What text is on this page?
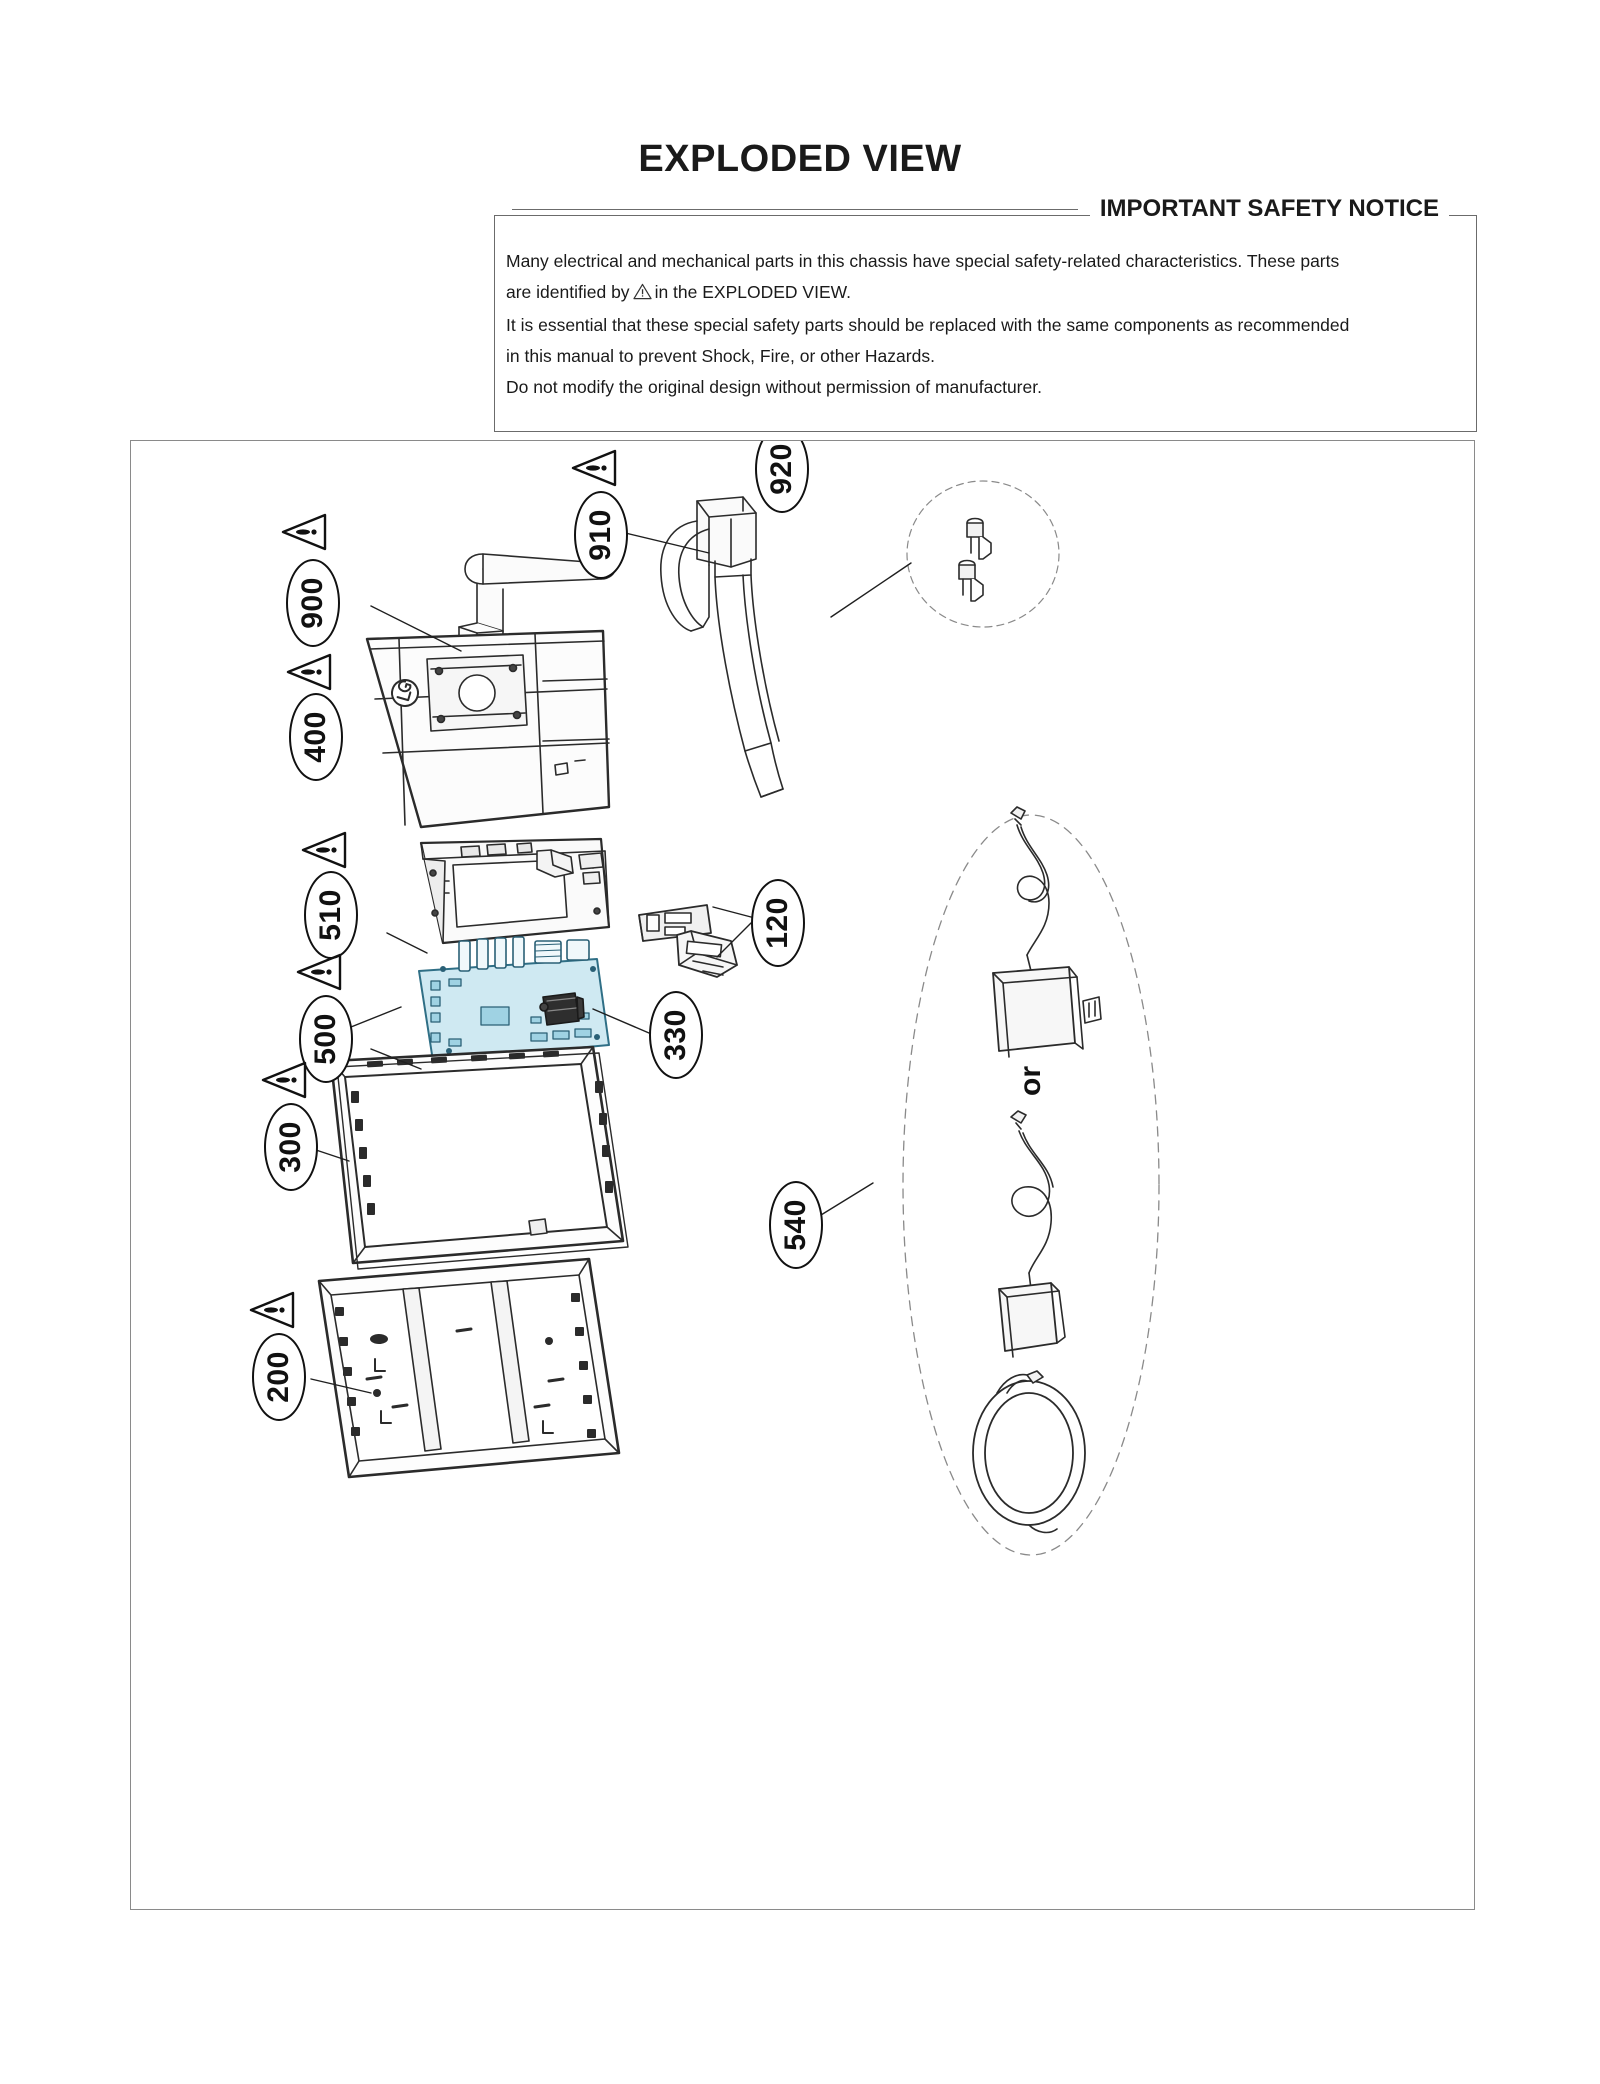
EXPLODED VIEW
IMPORTANT SAFETY NOTICE

Many electrical and mechanical parts in this chassis have special safety-related characteristics. These parts

are identified by in the EXPLODED VIEW.

It is essential that these special safety parts should be replaced with the same components as recommended

in this manual to prevent Shock, Fire, or other Hazards.

Do not modify the original design without permission of manufacturer.

900
910
920
400
510
500
120
330
300
200
540
or
